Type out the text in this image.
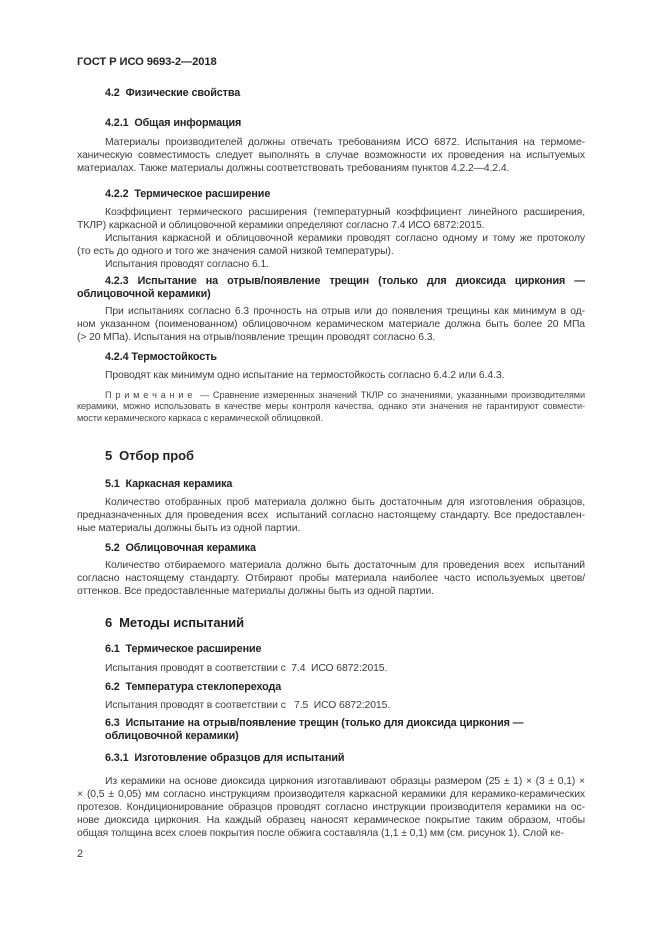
ГОСТ Р ИСО 9693-2—2018
4.2  Физические свойства
4.2.1  Общая информация
Материалы производителей должны отвечать требованиям ИСО 6872. Испытания на термоме-
ханическую совместимость следует выполнять в случае возможности их проведения на испытуемых
материалах. Также материалы должны соответствовать требованиям пунктов 4.2.2—4.2.4.
4.2.2  Термическое расширение
Коэффициент термического расширения (температурный коэффициент линейного расширения,
ТКЛР) каркасной и облицовочной керамики определяют согласно 7.4 ИСО 6872:2015.
Испытания каркасной и облицовочной керамики проводят согласно одному и тому же протоколу
(то есть до одного и того же значения самой низкой температуры).
Испытания проводят согласно 6.1.
4.2.3 Испытание на отрыв/появление трещин (только для диоксида циркония —
облицовочной керамики)
При испытаниях согласно 6.3 прочность на отрыв или до появления трещины как минимум в од-
ном указанном (поименованном) облицовочном керамическом материале должна быть более 20 МПа
(> 20 МПа). Испытания на отрыв/появление трещин проводят согласно 6.3.
4.2.4 Термостойкость
Проводят как минимум одно испытание на термостойкость согласно 6.4.2 или 6.4.3.
П р и м е ч а н и е  — Сравнение измеренных значений ТКЛР со значениями, указанными производителями
керамики, можно использовать в качестве меры контроля качества, однако эти значения не гарантируют совмести-
мости керамического каркаса с керамической облицовкой.
5  Отбор проб
5.1  Каркасная керамика
Количество отобранных проб материала должно быть достаточным для изготовления образцов,
предназначенных для проведения всех  испытаний согласно настоящему стандарту. Все предоставлен-
ные материалы должны быть из одной партии.
5.2  Облицовочная керамика
Количество отбираемого материала должно быть достаточным для проведения всех  испытаний
согласно настоящему стандарту. Отбирают пробы материала наиболее часто используемых цветов/
оттенков. Все предоставленные материалы должны быть из одной партии.
6  Методы испытаний
6.1  Термическое расширение
Испытания проводят в соответствии с  7.4  ИСО 6872:2015.
6.2  Температура стеклоперехода
Испытания проводят в соответствии с   7.5  ИСО 6872:2015.
6.3  Испытание на отрыв/появление трещин (только для диоксида циркония —
облицовочной керамики)
6.3.1  Изготовление образцов для испытаний
Из керамики на основе диоксида циркония изготавливают образцы размером (25 ± 1) × (3 ± 0,1) ×
× (0,5 ± 0,05) мм согласно инструкциям производителя каркасной керамики для керамико-керамических
протезов. Кондиционирование образцов проводят согласно инструкции производителя керамики на ос-
нове диоксида циркония. На каждый образец наносят керамическое покрытие таким образом, чтобы
общая толщина всех слоев покрытия после обжига составляла (1,1 ± 0,1) мм (см. рисунок 1). Слой ке-
2
